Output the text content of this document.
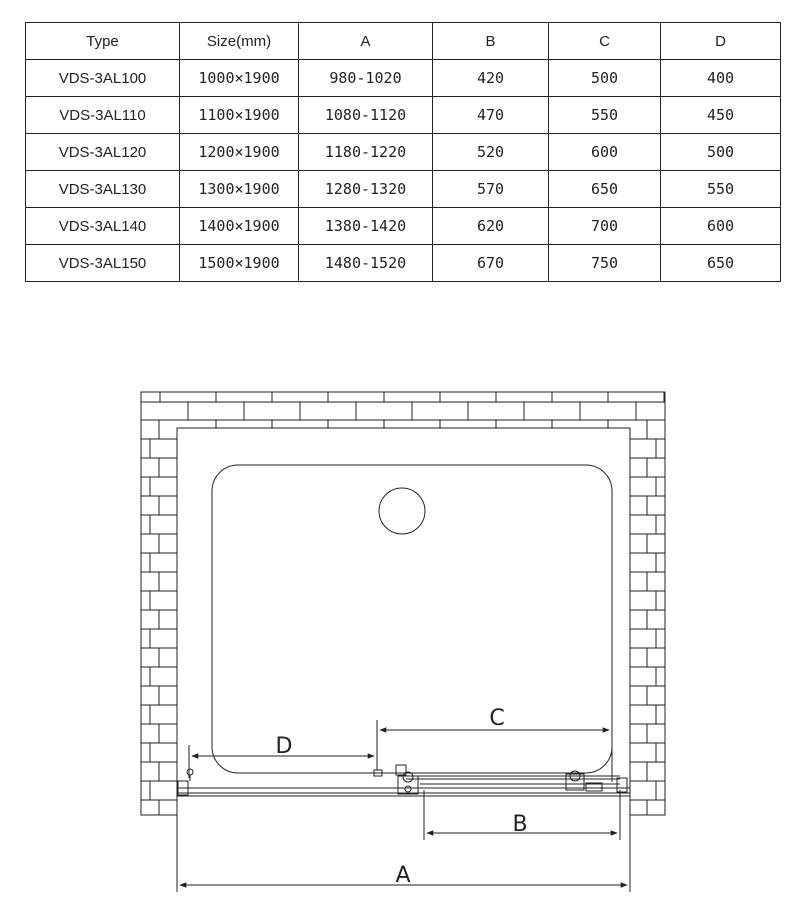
Type	Size(mm)	A	B	C	D
VDS-3AL100	1000×1900	980-1020	420	500	400
VDS-3AL110	1100×1900	1080-1120	470	550	450
VDS-3AL120	1200×1900	1180-1220	520	600	500
VDS-3AL130	1300×1900	1280-1320	570	650	550
VDS-3AL140	1400×1900	1380-1420	620	700	600
VDS-3AL150	1500×1900	1480-1520	670	750	650
C
D
B
A
